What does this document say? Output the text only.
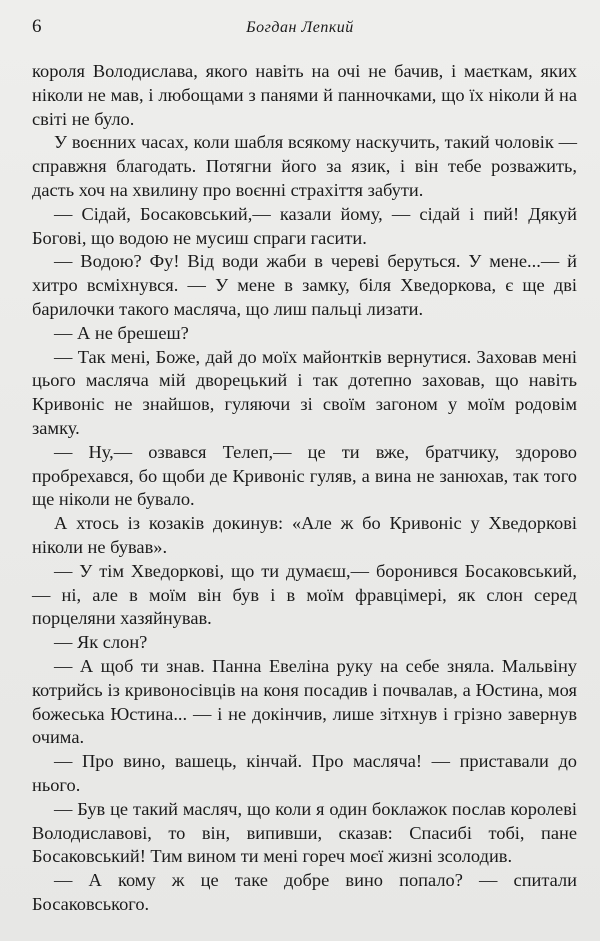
6	Богдан Лепкий

короля Володислава, якого навіть на очі не бачив, і маєткам, яких ніколи не мав, і любощами з панями й панночками, що їх ніколи й на світі не було.

У воєнних часах, коли шабля всякому наскучить, такий чоловік — справжня благодать. Потягни його за язик, і він тебе розважить, дасть хоч на хвилину про воєнні страхіття забути.

— Сідай, Босаковський,— казали йому, — сідай і пий! Дякуй Богові, що водою не мусиш спраги гасити.

— Водою? Фу! Від води жаби в череві беруться. У мене...— й хитро всміхнувся. — У мене в замку, біля Хведоркова, є ще дві барилочки такого масляча, що лиш пальці лизати.

— А не брешеш?

— Так мені, Боже, дай до моїх майонтків вернутися. Заховав мені цього масляча мій дворецький і так дотепно заховав, що навіть Кривоніс не знайшов, гуляючи зі своїм загоном у моїм родовім замку.

— Ну,— озвався Телеп,— це ти вже, братчику, здорово пробрехався, бо щоби де Кривоніс гуляв, а вина не занюхав, так того ще ніколи не бувало.

А хтось із козаків докинув: «Але ж бо Кривоніс у Хведоркові ніколи не бував».

— У тім Хведоркові, що ти думаєш,— боронився Босаковський, — ні, але в моїм він був і в моїм фравцімері, як слон серед порцеляни хазяйнував.

— Як слон?

— А щоб ти знав. Панна Евеліна руку на себе зняла. Мальвіну котрийсь із кривоносівців на коня посадив і почвалав, а Юстина, моя божеська Юстина... — і не докінчив, лише зітхнув і грізно завернув очима.

— Про вино, вашець, кінчай. Про масляча! — приставали до нього.

— Був це такий масляч, що коли я один боклажок послав королеві Володиславові, то він, випивши, сказав: Спасибі тобі, пане Босаковський! Тим вином ти мені гореч моєї жизні зсолодив.

— А кому ж це таке добре вино попало? — спитали Босаковського.
